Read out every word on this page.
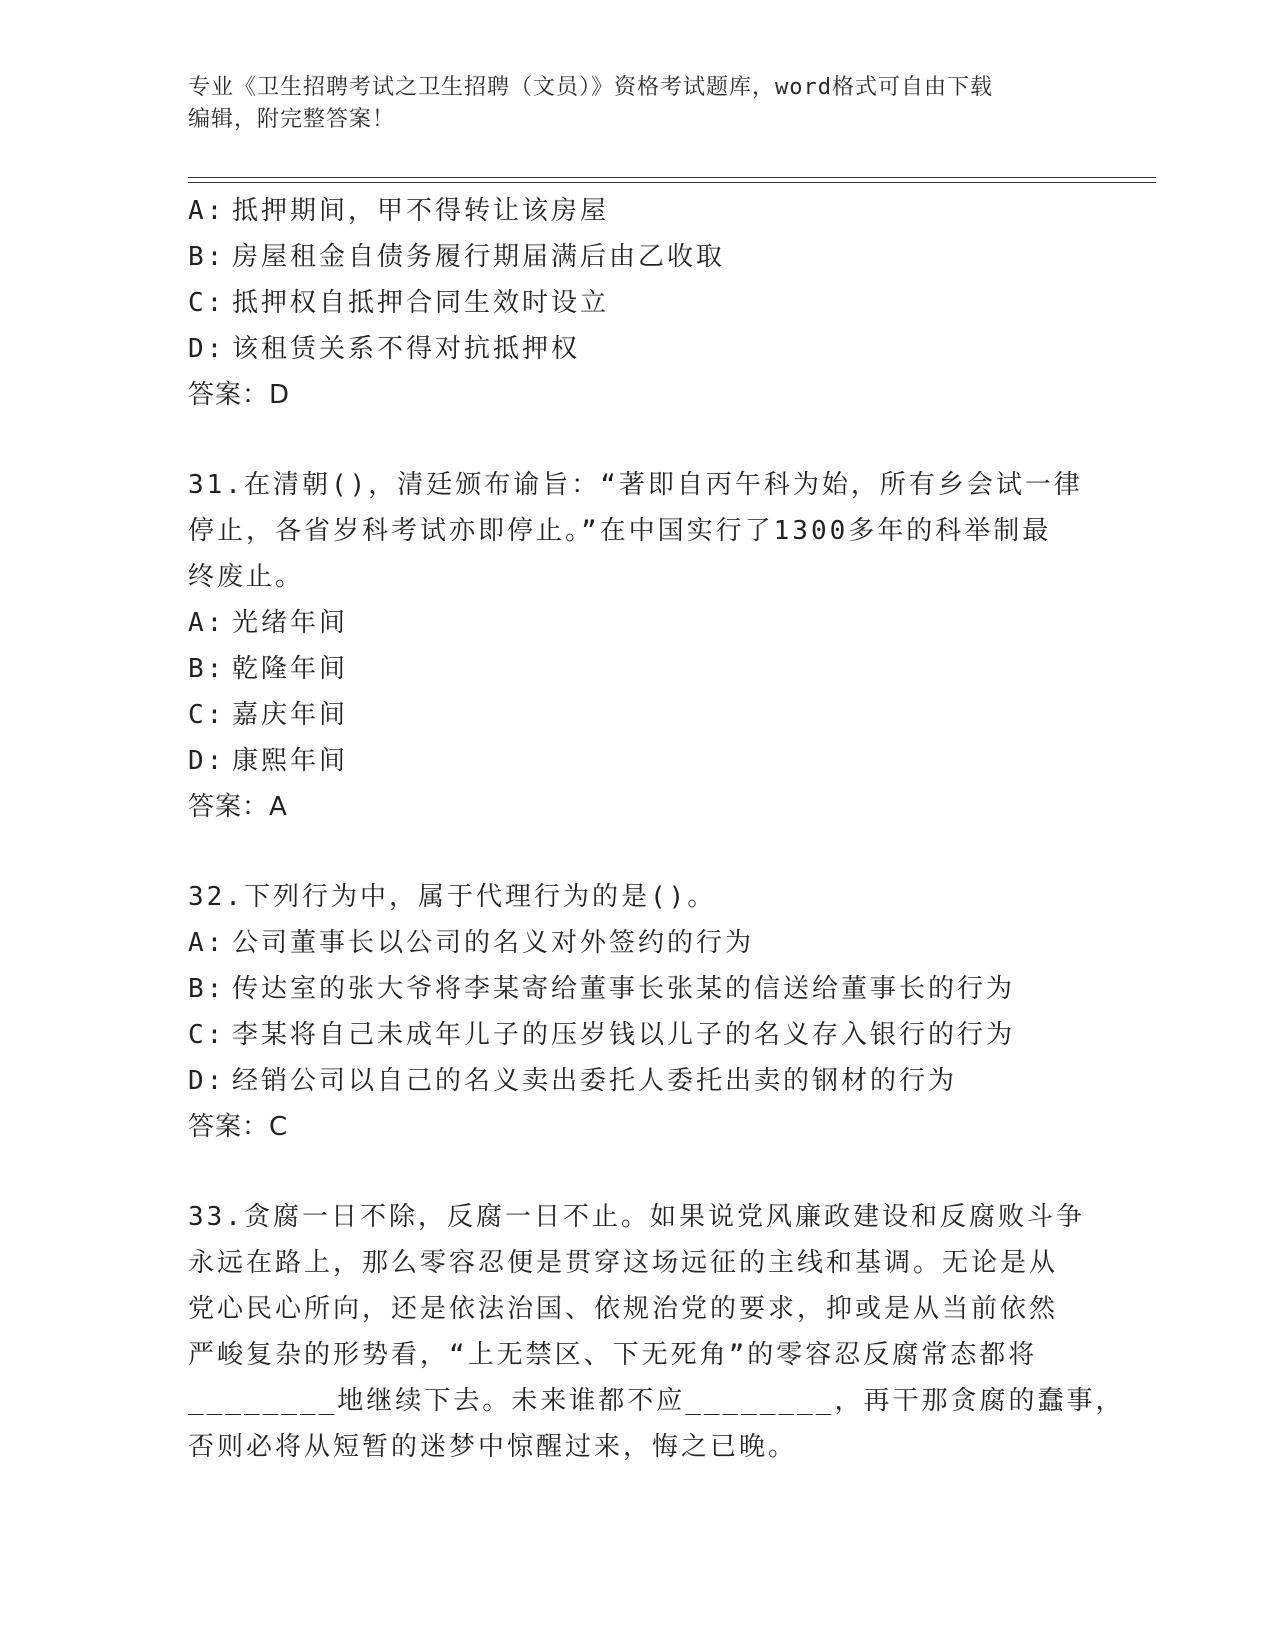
专业《卫生招聘考试之卫生招聘（文员）》资格考试题库，word格式可自由下载
编辑，附完整答案！
A: 抵押期间，甲不得转让该房屋
B: 房屋租金自债务履行期届满后由乙收取
C: 抵押权自抵押合同生效时设立
D: 该租赁关系不得对抗抵押权
答案：D
31.在清朝()，清廷颁布谕旨：“著即自丙午科为始，所有乡会试一律
停止，各省岁科考试亦即停止。”在中国实行了1300多年的科举制最
终废止。
A: 光绪年间
B: 乾隆年间
C: 嘉庆年间
D: 康熙年间
答案：A
32.下列行为中，属于代理行为的是()。
A: 公司董事长以公司的名义对外签约的行为
B: 传达室的张大爷将李某寄给董事长张某的信送给董事长的行为
C: 李某将自己未成年儿子的压岁钱以儿子的名义存入银行的行为
D: 经销公司以自己的名义卖出委托人委托出卖的钢材的行为
答案：C
33.贪腐一日不除，反腐一日不止。如果说党风廉政建设和反腐败斗争
永远在路上，那么零容忍便是贯穿这场远征的主线和基调。无论是从
党心民心所向，还是依法治国、依规治党的要求，抑或是从当前依然
严峻复杂的形势看，“上无禁区、下无死角”的零容忍反腐常态都将
________地继续下去。未来谁都不应________，再干那贪腐的蠢事，
否则必将从短暂的迷梦中惊醒过来，悔之已晚。
